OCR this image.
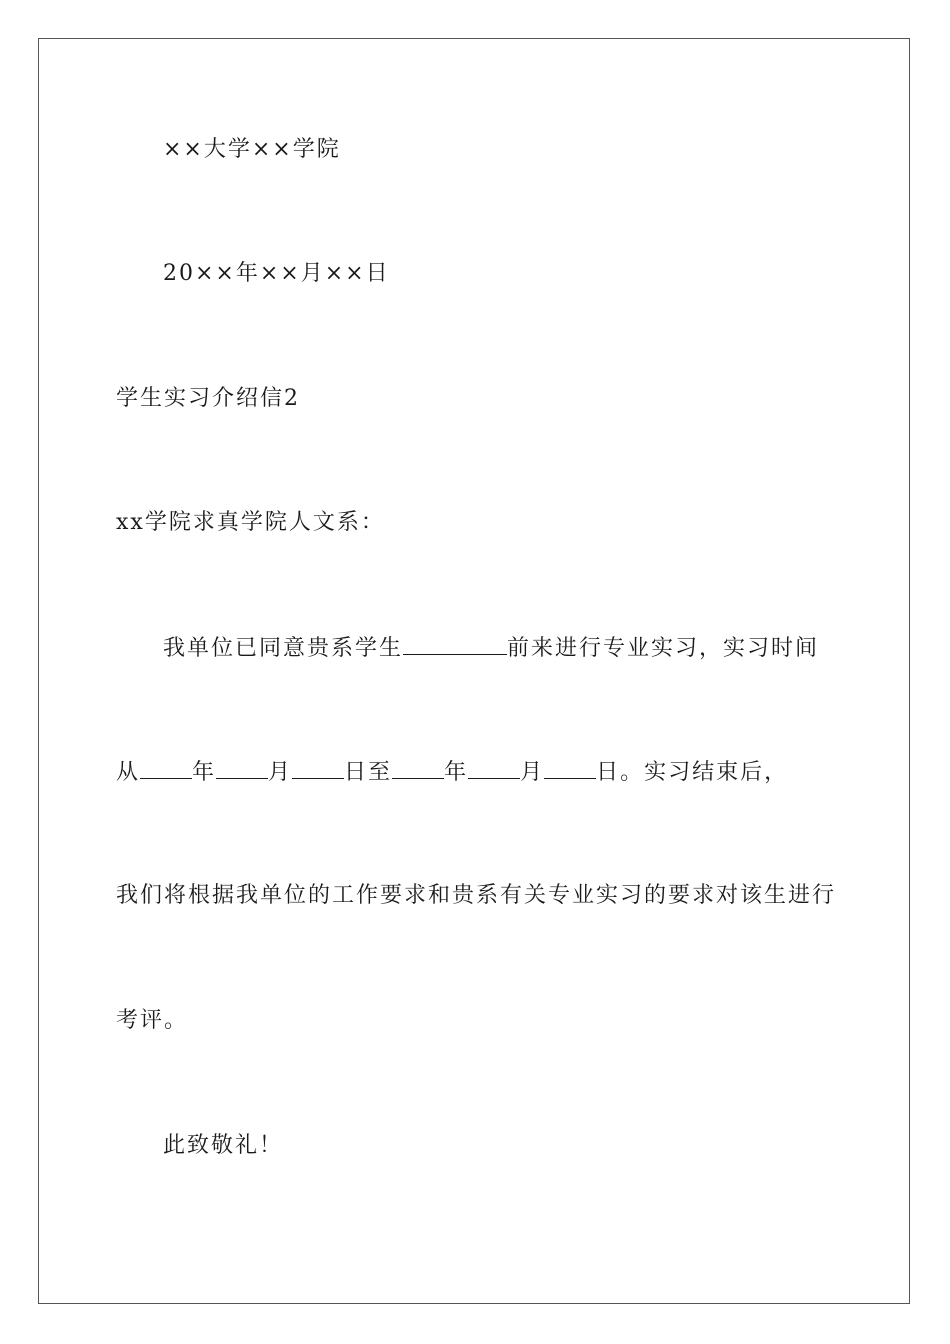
××大学××学院
20××年××月××日
学生实习介绍信2
xx学院求真学院人文系：
我单位已同意贵系学生	前来进行专业实习，实习时间
从 年 月 日至 年 月 日。实习结束后，
我们将根据我单位的工作要求和贵系有关专业实习的要求对该生进行
考评。
此致敬礼！
